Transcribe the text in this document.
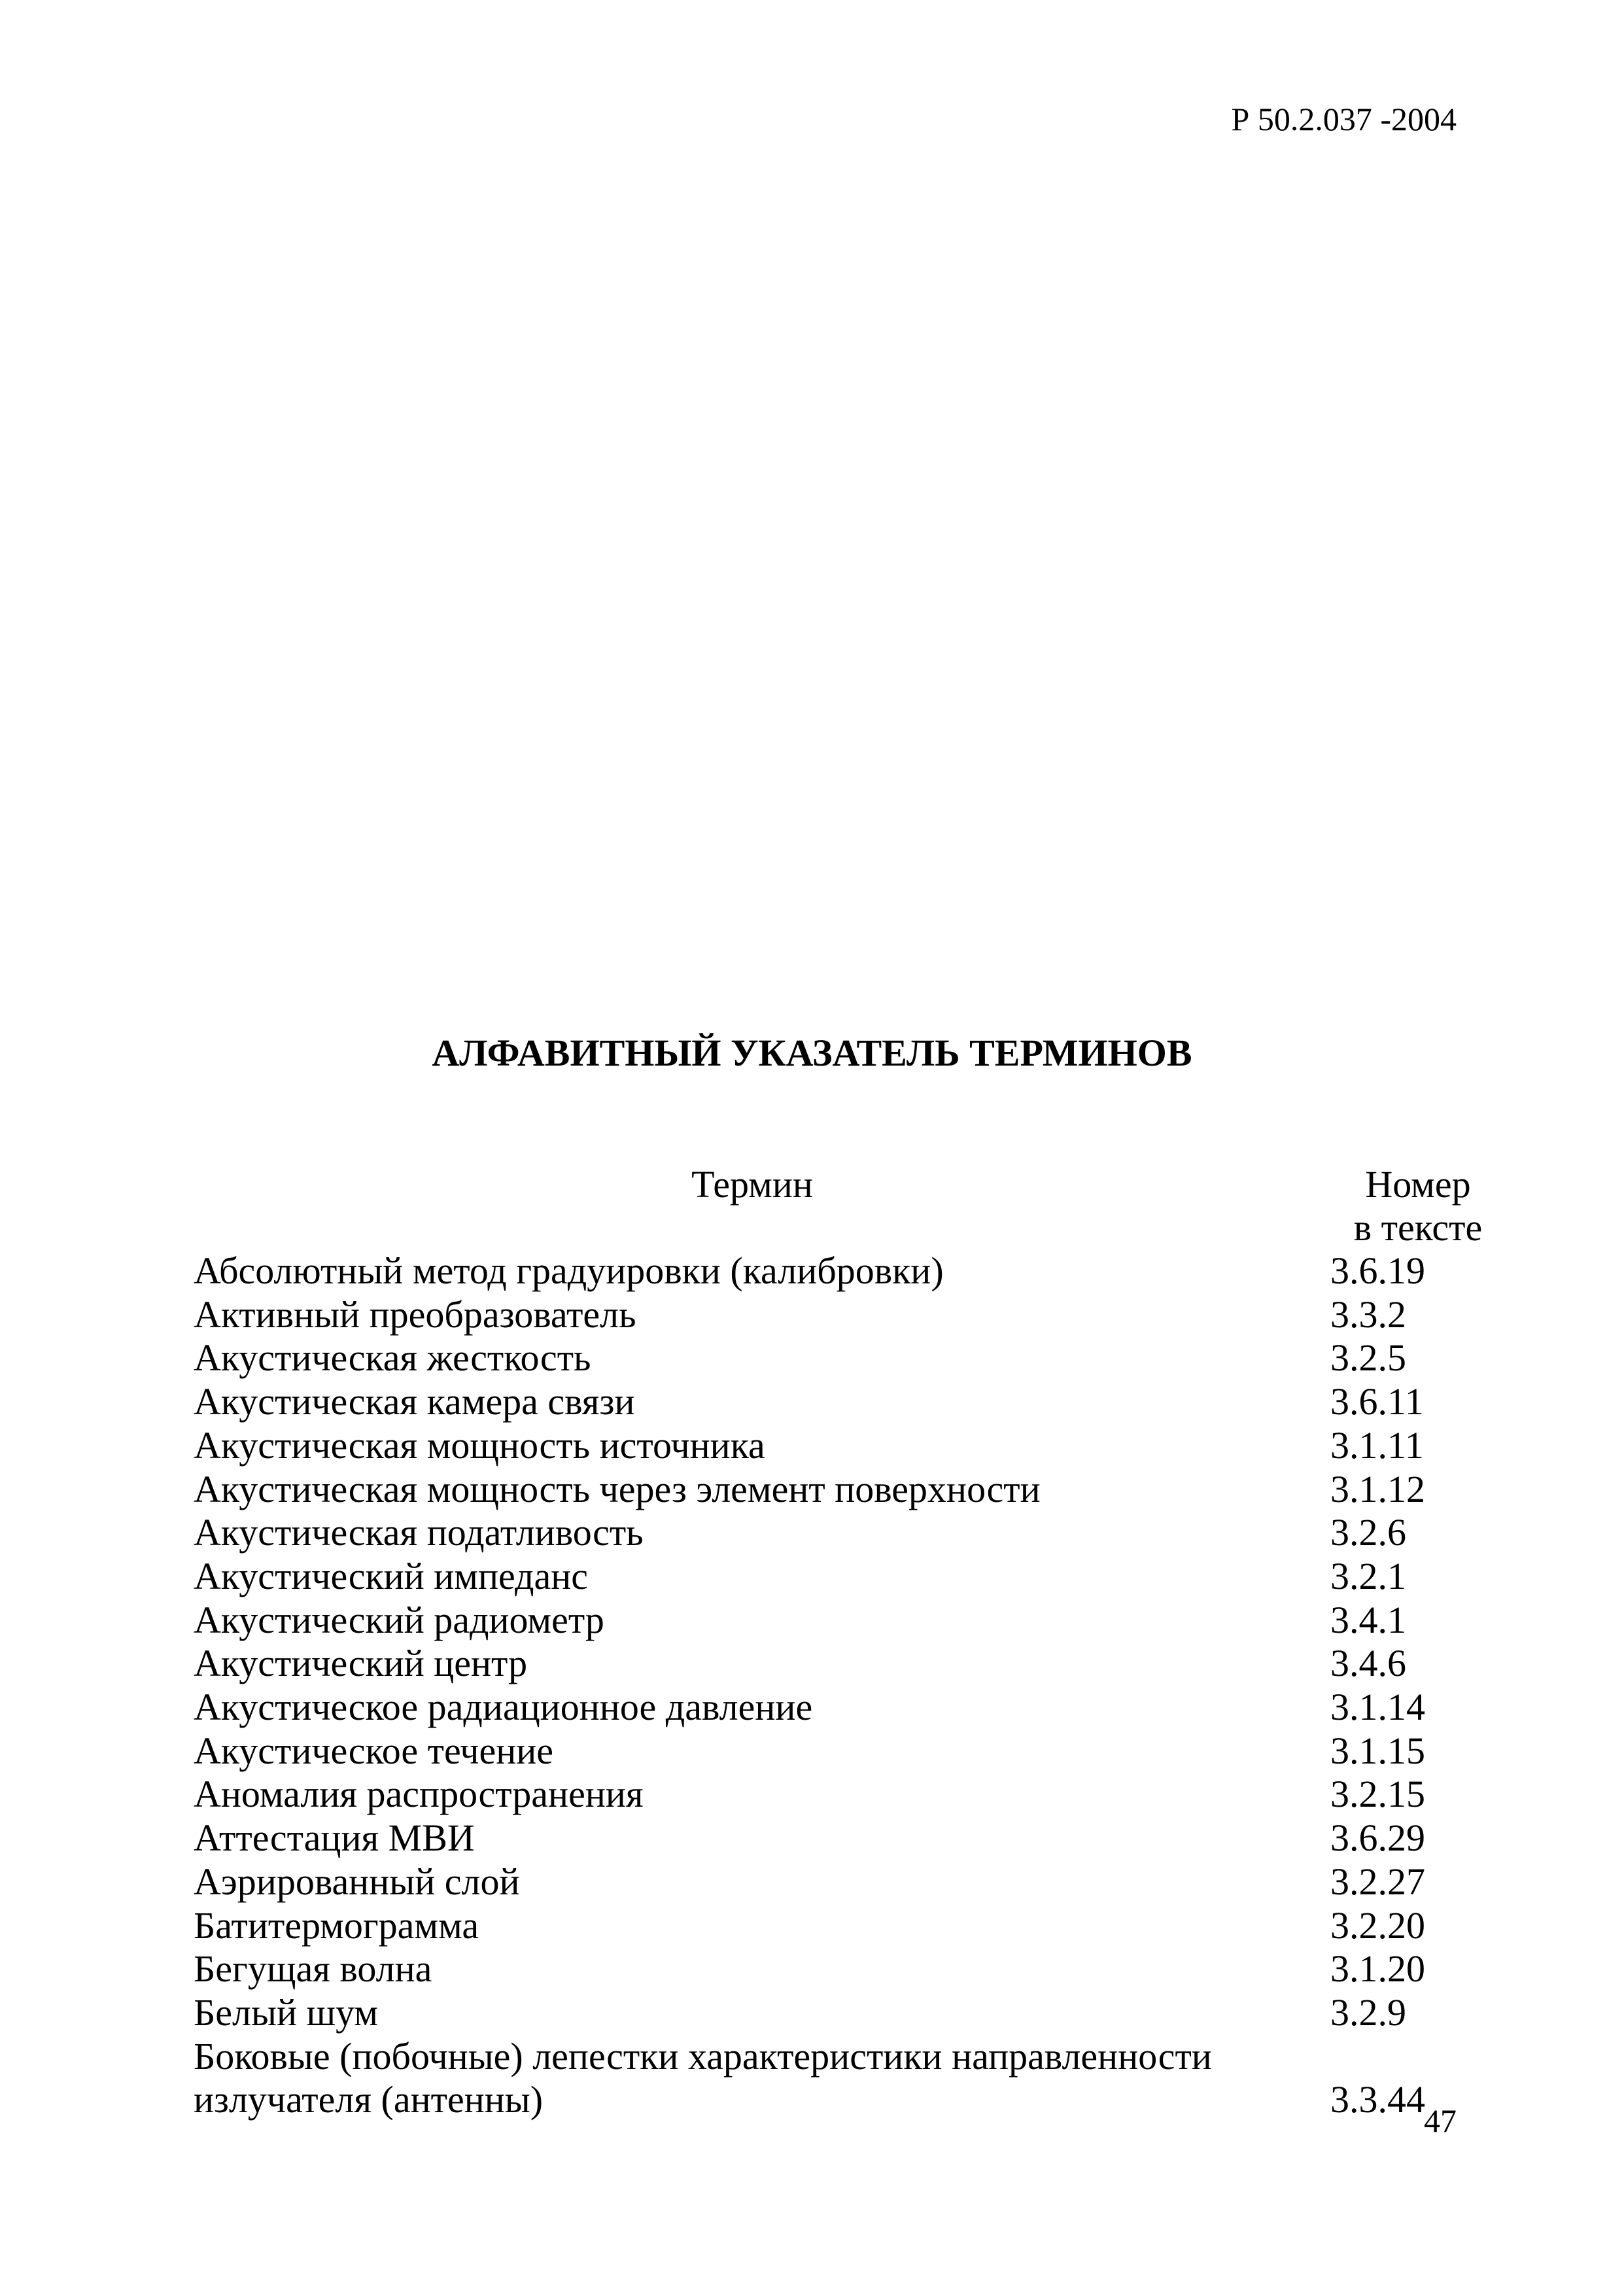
Р 50.2.037 -2004
АЛФАВИТНЫЙ УКАЗАТЕЛЬ ТЕРМИНОВ
Термин	Номер
в тексте
Абсолютный метод градуировки (калибровки)	3.6.19
Активный преобразователь	3.3.2
Акустическая жесткость	3.2.5
Акустическая камера связи	3.6.11
Акустическая мощность источника	3.1.11
Акустическая мощность через элемент поверхности	3.1.12
Акустическая податливость	3.2.6
Акустический импеданс	3.2.1
Акустический радиометр	3.4.1
Акустический центр	3.4.6
Акустическое радиационное давление	3.1.14
Акустическое течение	3.1.15
Аномалия распространения	3.2.15
Аттестация МВИ	3.6.29
Аэрированный слой	3.2.27
Батитермограмма	3.2.20
Бегущая волна	3.1.20
Белый шум	3.2.9
Боковые (побочные) лепестки характеристики направленности
излучателя (антенны)	3.3.44
47
